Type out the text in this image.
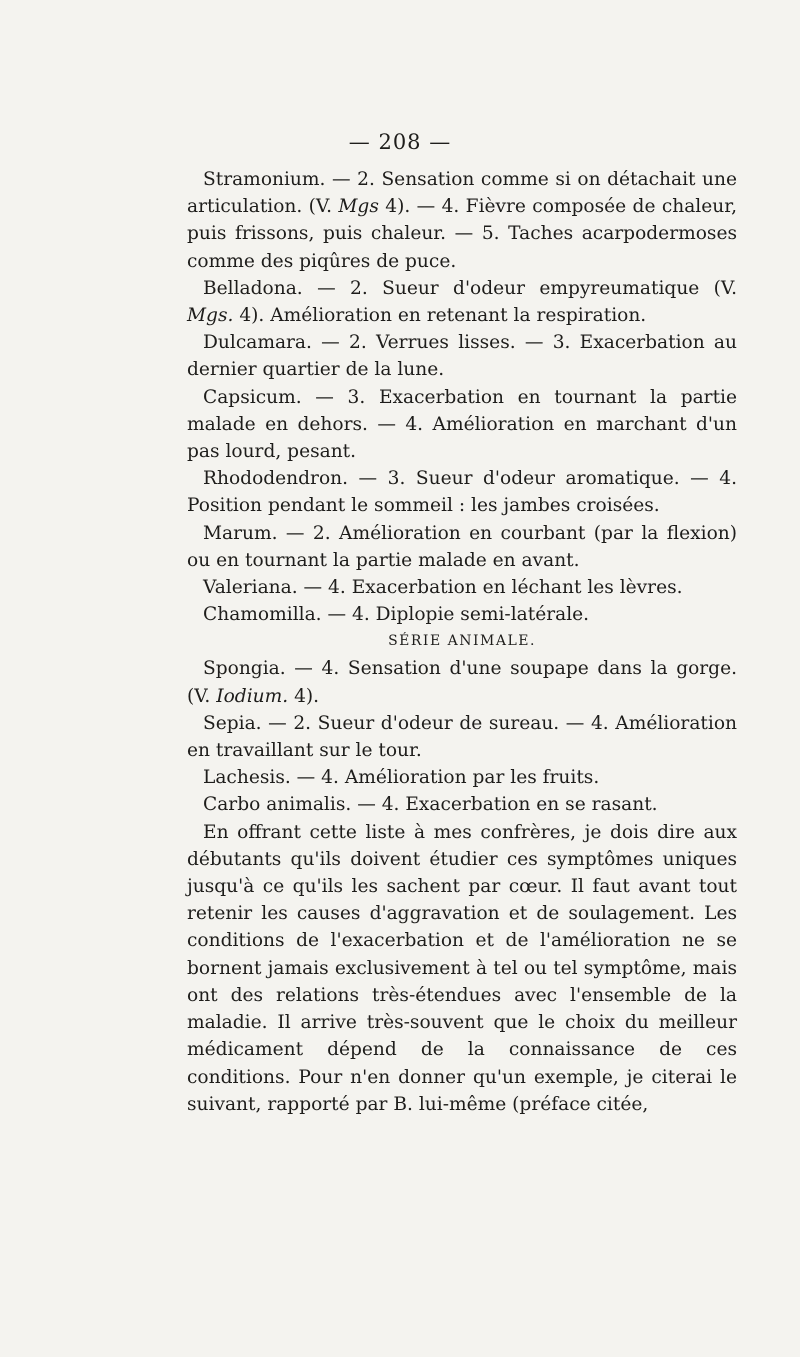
— 208 —

Stramonium. — 2. Sensation comme si on détachait une articulation. (V. Mgs 4). — 4. Fièvre composée de chaleur, puis frissons, puis chaleur. — 5. Taches acarpodermoses comme des piqûres de puce.

Belladona. — 2. Sueur d'odeur empyreumatique (V. Mgs. 4). Amélioration en retenant la respiration.

Dulcamara. — 2. Verrues lisses. — 3. Exacerbation au dernier quartier de la lune.

Capsicum. — 3. Exacerbation en tournant la partie malade en dehors. — 4. Amélioration en marchant d'un pas lourd, pesant.

Rhododendron. — 3. Sueur d'odeur aromatique. — 4. Position pendant le sommeil : les jambes croisées.

Marum. — 2. Amélioration en courbant (par la flexion) ou en tournant la partie malade en avant.

Valeriana. — 4. Exacerbation en léchant les lèvres.

Chamomilla. — 4. Diplopie semi-latérale.

SÉRIE ANIMALE.

Spongia. — 4. Sensation d'une soupape dans la gorge. (V. Iodium. 4).

Sepia. — 2. Sueur d'odeur de sureau. — 4. Amélioration en travaillant sur le tour.

Lachesis. — 4. Amélioration par les fruits.

Carbo animalis. — 4. Exacerbation en se rasant.

En offrant cette liste à mes confrères, je dois dire aux débutants qu'ils doivent étudier ces symptômes uniques jusqu'à ce qu'ils les sachent par cœur. Il faut avant tout retenir les causes d'aggravation et de soulagement. Les conditions de l'exacerbation et de l'amélioration ne se bornent jamais exclusivement à tel ou tel symptôme, mais ont des relations très-étendues avec l'ensemble de la maladie. Il arrive très-souvent que le choix du meilleur médicament dépend de la connaissance de ces conditions. Pour n'en donner qu'un exemple, je citerai le suivant, rapporté par B. lui-même (préface citée,
